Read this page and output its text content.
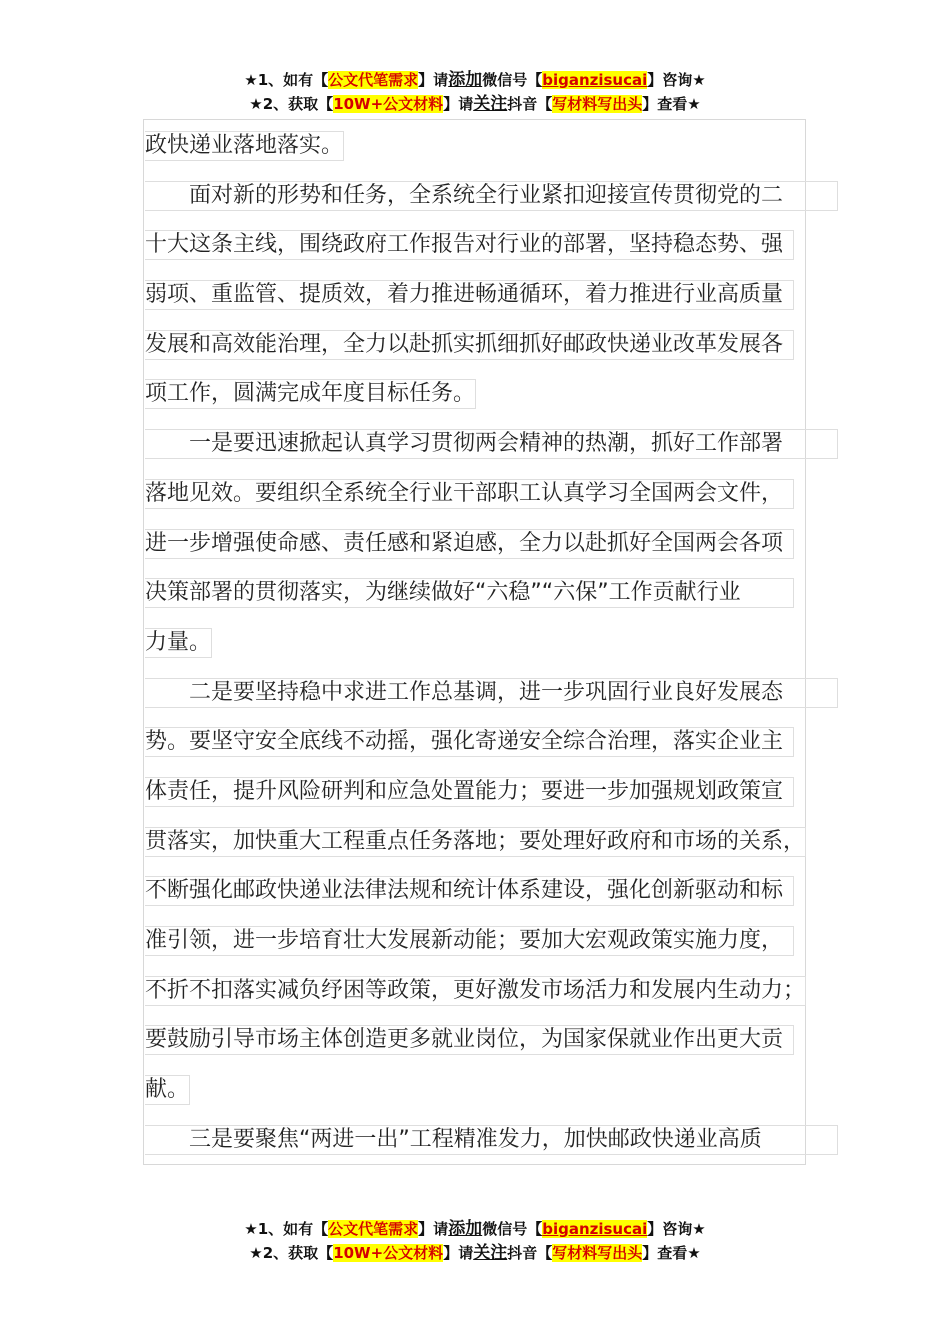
★1、如有【公文代笔需求】请添加微信号【biganzisucai】咨询★
★2、获取【10W+公文材料】请关注抖音【写材料写出头】查看★
政快递业落地落实。
面对新的形势和任务，全系统全行业紧扣迎接宣传贯彻党的二
十大这条主线，围绕政府工作报告对行业的部署，坚持稳态势、强
弱项、重监管、提质效，着力推进畅通循环，着力推进行业高质量
发展和高效能治理，全力以赴抓实抓细抓好邮政快递业改革发展各
项工作，圆满完成年度目标任务。
一是要迅速掀起认真学习贯彻两会精神的热潮，抓好工作部署
落地见效。要组织全系统全行业干部职工认真学习全国两会文件，
进一步增强使命感、责任感和紧迫感，全力以赴抓好全国两会各项
决策部署的贯彻落实，为继续做好“六稳”“六保”工作贡献行业
力量。
二是要坚持稳中求进工作总基调，进一步巩固行业良好发展态
势。要坚守安全底线不动摇，强化寄递安全综合治理，落实企业主
体责任，提升风险研判和应急处置能力；要进一步加强规划政策宣
贯落实，加快重大工程重点任务落地；要处理好政府和市场的关系，
不断强化邮政快递业法律法规和统计体系建设，强化创新驱动和标
准引领，进一步培育壮大发展新动能；要加大宏观政策实施力度，
不折不扣落实减负纾困等政策，更好激发市场活力和发展内生动力；
要鼓励引导市场主体创造更多就业岗位，为国家保就业作出更大贡
献。
三是要聚焦“两进一出”工程精准发力，加快邮政快递业高质
★1、如有【公文代笔需求】请添加微信号【biganzisucai】咨询★
★2、获取【10W+公文材料】请关注抖音【写材料写出头】查看★
